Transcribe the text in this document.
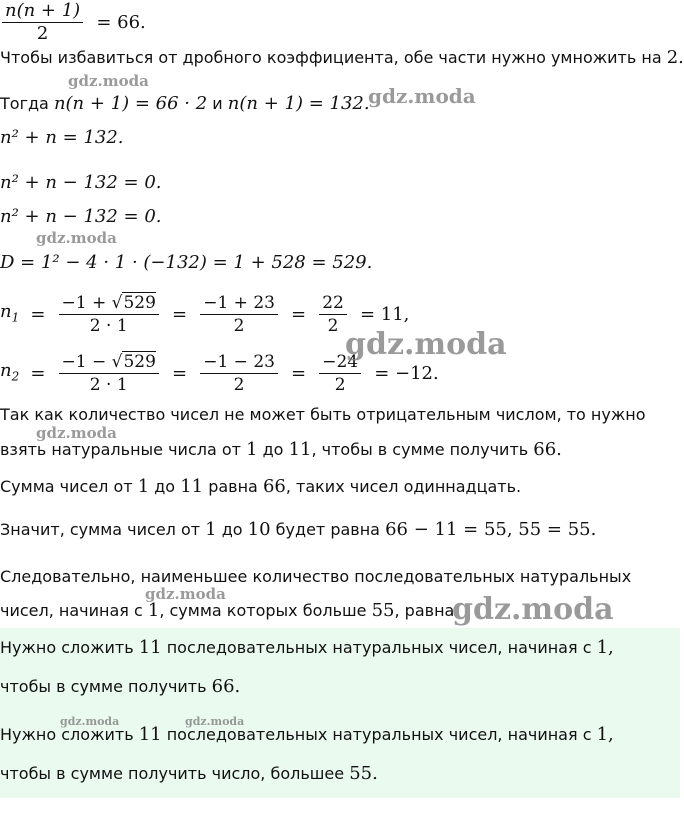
$\frac{n(n + 1)}{2} = 66$.
Чтобы избавиться от дробного коэффициента, обе части нужно умножить на 2.
Тогда n(n + 1) = 66 · 2 и n(n + 1) = 132.
n² + n = 132.
n² + n − 132 = 0.
n² + n − 132 = 0.
D = 1² − 4 · 1 · (−132) = 1 + 528 = 529.
$n_1 = \frac{-1 + √529}{2 \cdot 1} = \frac{-1 + 23}{2} = \frac{22}{2} = 11$,
$n_2 = \frac{-1 - √529}{2 \cdot 1} = \frac{-1 - 23}{2} = \frac{-24}{2} = -12$.
Так как количество чисел не может быть отрицательным числом, то нужно
взять натуральные числа от 1 до 11, чтобы в сумме получить 66.
Сумма чисел от 1 до 11 равна 66, таких чисел одиннадцать.
Значит, сумма чисел от 1 до 10 будет равна 66 − 11 = 55, 55 = 55.
Следовательно, наименьшее количество последовательных натуральных
чисел, начиная с 1, сумма которых больше 55, равна
Нужно сложить 11 последовательных натуральных чисел, начиная с 1,
чтобы в сумме получить 66.
Нужно сложить 11 последовательных натуральных чисел, начиная с 1,
чтобы в сумме получить число, большее 55.
gdz.moda
gdz.moda
gdz.moda
gdz.moda
gdz.moda
gdz.moda	gdz.moda
gdz.moda	gdz.moda
